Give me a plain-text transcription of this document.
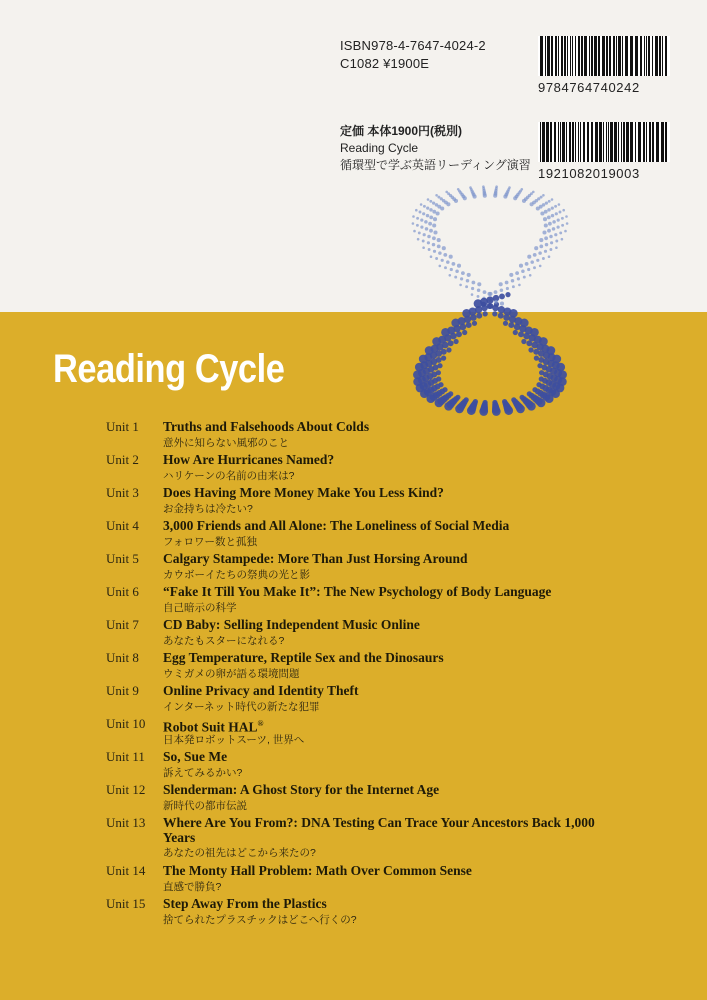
ISBN978-4-7647-4024-2
C1082 ¥1900E
9784764740242
定価 本体1900円(税別)
Reading Cycle
循環型で学ぶ英語リーディング演習
1921082019003
Reading Cycle
Unit 1 Truths and Falsehoods About Colds
意外に知らない風邪のこと
Unit 2 How Are Hurricanes Named?
ハリケーンの名前の由来は?
Unit 3 Does Having More Money Make You Less Kind?
お金持ちは冷たい?
Unit 4 3,000 Friends and All Alone: The Loneliness of Social Media
フォロワー数と孤独
Unit 5 Calgary Stampede: More Than Just Horsing Around
カウボーイたちの祭典の光と影
Unit 6 “Fake It Till You Make It”: The New Psychology of Body Language
自己暗示の科学
Unit 7 CD Baby: Selling Independent Music Online
あなたもスターになれる?
Unit 8 Egg Temperature, Reptile Sex and the Dinosaurs
ウミガメの卵が語る環境問題
Unit 9 Online Privacy and Identity Theft
インターネット時代の新たな犯罪
Unit 10 Robot Suit HAL®
日本発ロボットスーツ, 世界へ
Unit 11 So, Sue Me
訴えてみるかい?
Unit 12 Slenderman: A Ghost Story for the Internet Age
新時代の都市伝説
Unit 13 Where Are You From?: DNA Testing Can Trace Your Ancestors Back 1,000 Years
あなたの祖先はどこから来たの?
Unit 14 The Monty Hall Problem: Math Over Common Sense
直感で勝負?
Unit 15 Step Away From the Plastics
捨てられたプラスチックはどこへ行くの?
